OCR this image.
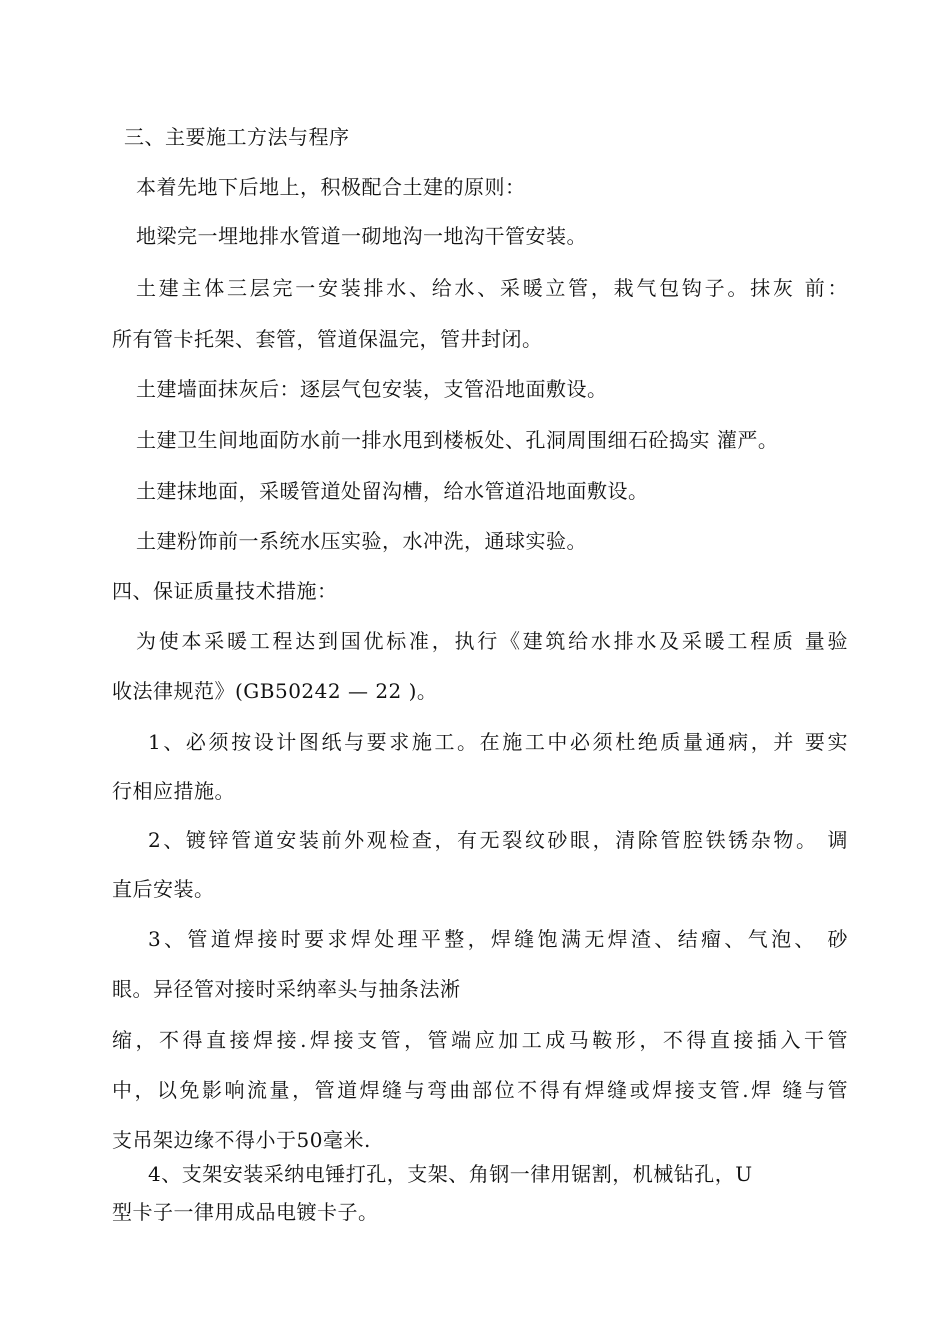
三、主要施工方法与程序
本着先地下后地上，积极配合土建的原则：
地梁完一埋地排水管道一砌地沟一地沟干管安装。
土建主体三层完一安装排水、给水、采暖立管，栽气包钩子。抹灰 前：
所有管卡托架、套管，管道保温完，管井封闭。
土建墙面抹灰后：逐层气包安装，支管沿地面敷设。
土建卫生间地面防水前一排水甩到楼板处、孔洞周围细石砼捣实 灌严。
土建抹地面，采暖管道处留沟槽，给水管道沿地面敷设。
土建粉饰前一系统水压实验，水冲洗，通球实验。
四、保证质量技术措施：
为使本采暖工程达到国优标准，执行《建筑给水排水及采暖工程质 量验
收法律规范》(GB50242 — 22 )。
1、必须按设计图纸与要求施工。在施工中必须杜绝质量通病，并 要实
行相应措施。
2、镀锌管道安装前外观检查，有无裂纹砂眼，清除管腔铁锈杂物。 调
直后安装。
3、管道焊接时要求焊处理平整，焊缝饱满无焊渣、结瘤、气泡、 砂
眼。异径管对接时采纳率头与抽条法淅
缩，不得直接焊接.焊接支管，管端应加工成马鞍形，不得直接插入干管
中，以免影响流量，管道焊缝与弯曲部位不得有焊缝或焊接支管.焊 缝与管
支吊架边缘不得小于50毫米.
4、支架安装采纳电锤打孔，支架、角钢一律用锯割，机械钻孔，U
型卡子一律用成品电镀卡子。
